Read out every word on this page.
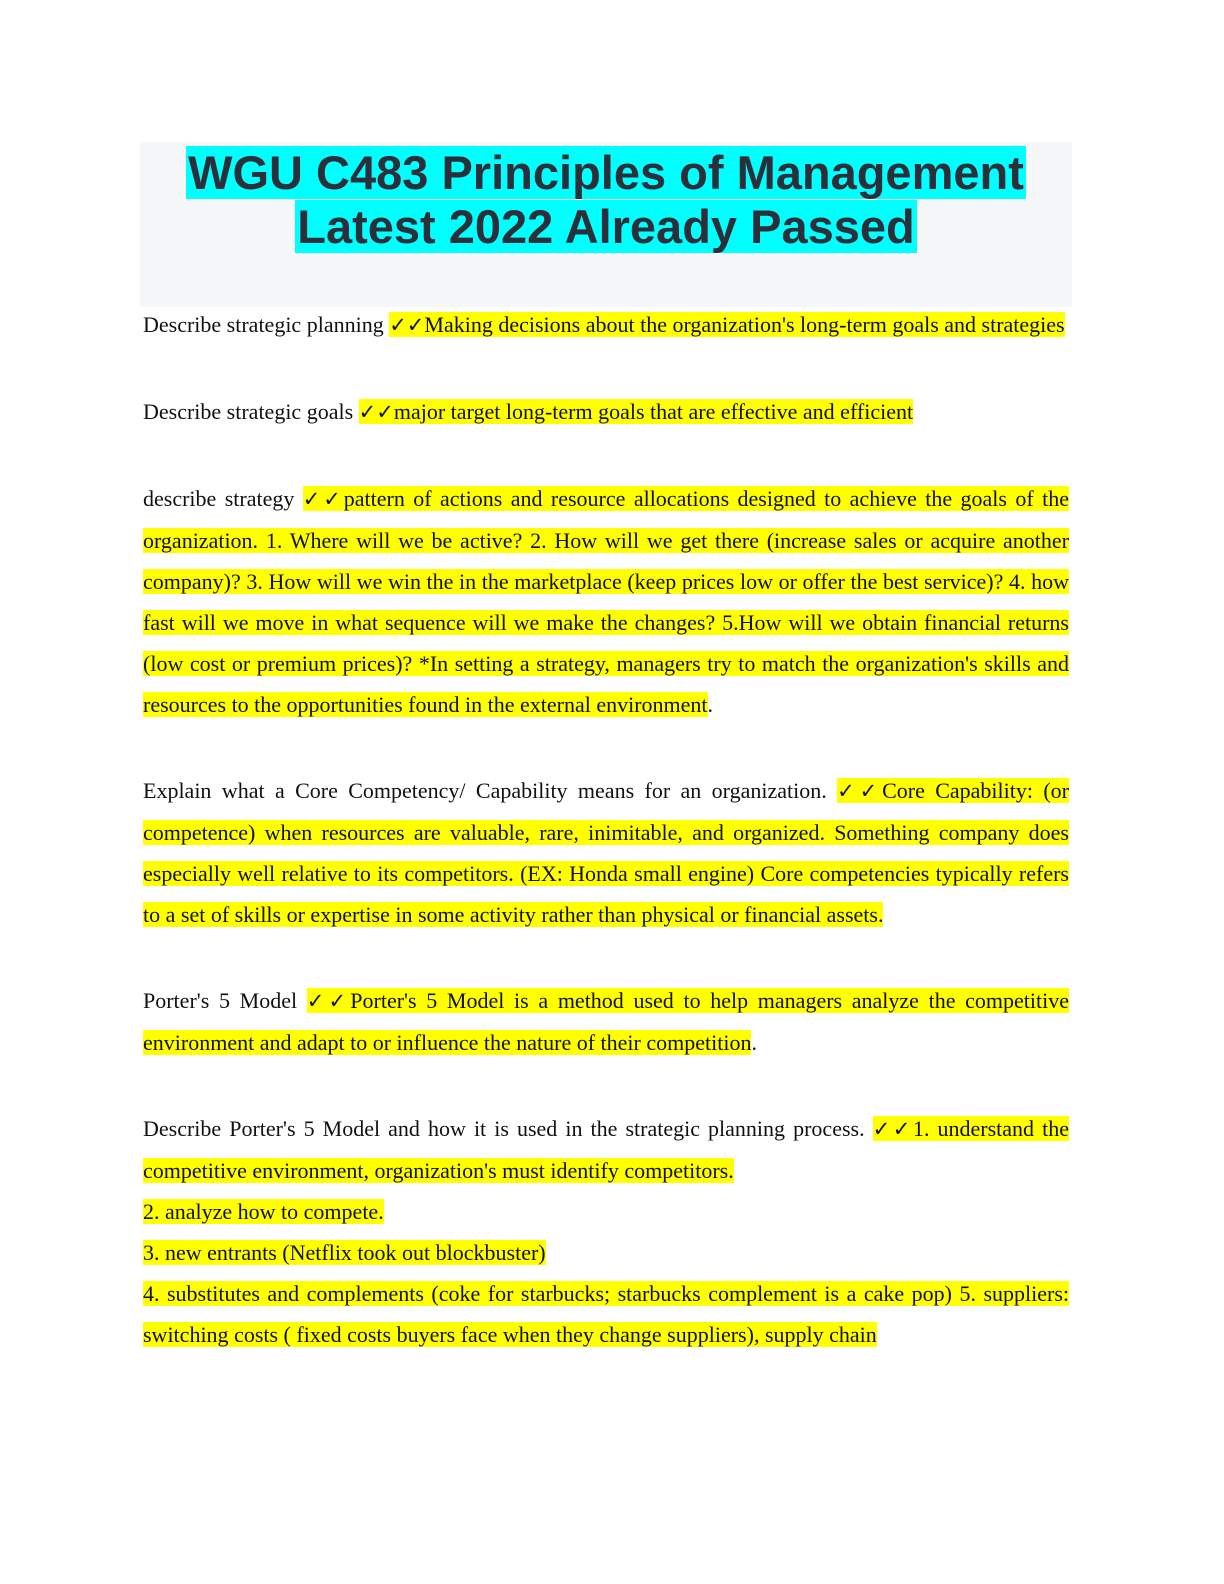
WGU C483 Principles of Management
Latest 2022 Already Passed

Describe strategic planning ✓✓Making decisions about the organization's long-term goals and strategies

Describe strategic goals ✓✓major target long-term goals that are effective and efficient

describe strategy ✓✓pattern of actions and resource allocations designed to achieve the goals of the organization. 1. Where will we be active? 2. How will we get there (increase sales or acquire another company)? 3. How will we win the in the marketplace (keep prices low or offer the best service)? 4. how fast will we move in what sequence will we make the changes? 5.How will we obtain financial returns (low cost or premium prices)? *In setting a strategy, managers try to match the organization's skills and resources to the opportunities found in the external environment.

Explain what a Core Competency/ Capability means for an organization. ✓✓Core Capability: (or competence) when resources are valuable, rare, inimitable, and organized. Something company does especially well relative to its competitors. (EX: Honda small engine) Core competencies typically refers to a set of skills or expertise in some activity rather than physical or financial assets.

Porter's 5 Model ✓✓Porter's 5 Model is a method used to help managers analyze the competitive environment and adapt to or influence the nature of their competition.

Describe Porter's 5 Model and how it is used in the strategic planning process. ✓✓1. understand the competitive environment, organization's must identify competitors.

2. analyze how to compete.

3. new entrants (Netflix took out blockbuster)

4. substitutes and complements (coke for starbucks; starbucks complement is a cake pop) 5. suppliers: switching costs ( fixed costs buyers face when they change suppliers), supply chain
